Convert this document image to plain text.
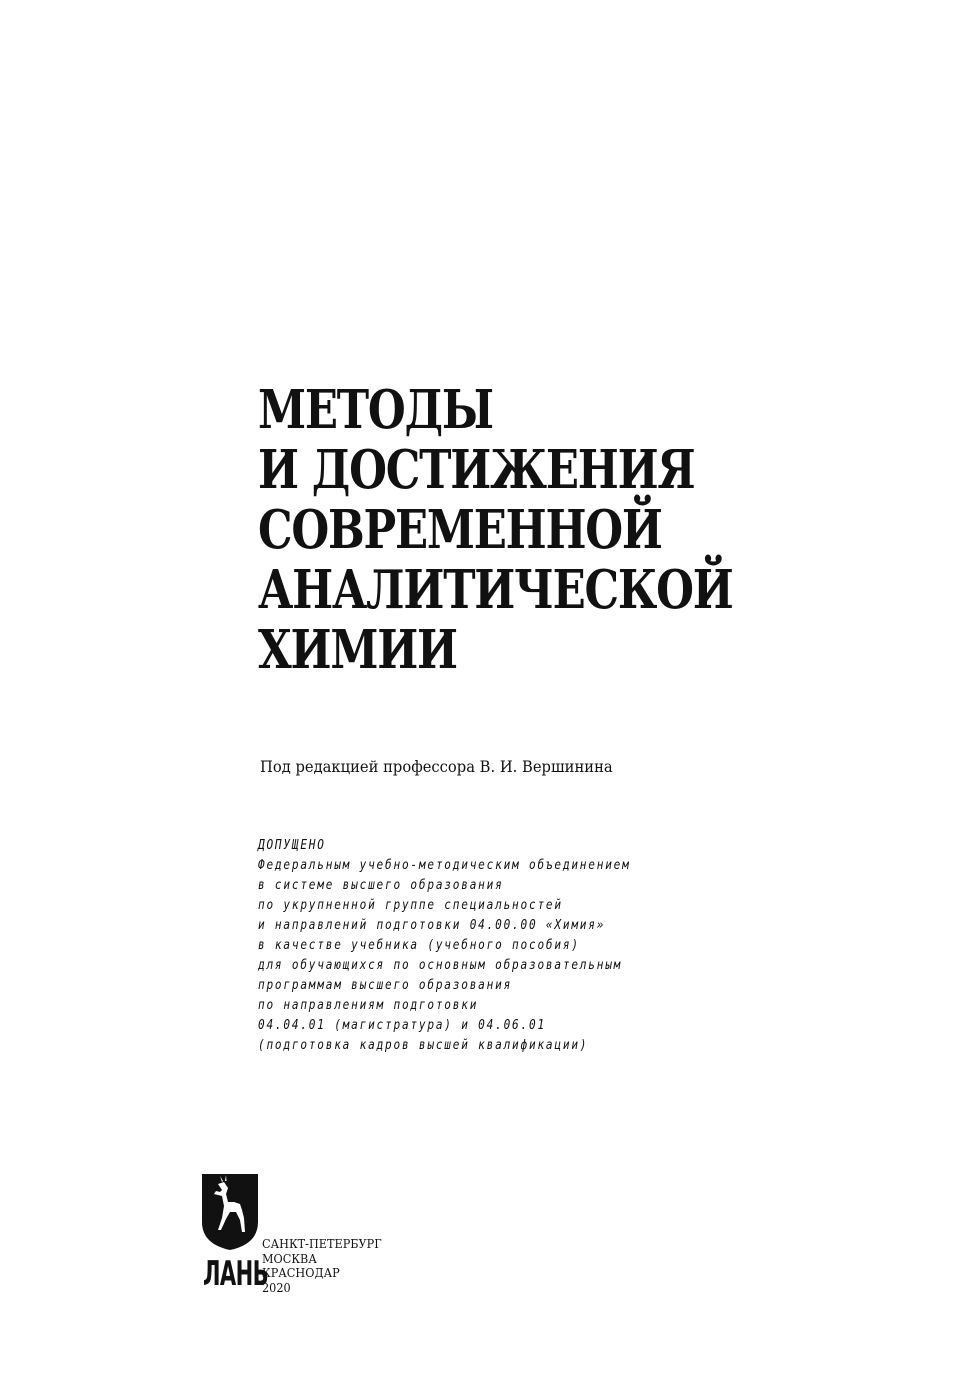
МЕТОДЫ
И ДОСТИЖЕНИЯ
СОВРЕМЕННОЙ
АНАЛИТИЧЕСКОЙ
ХИМИИ
Под редакцией профессора В. И. Вершинина
ДОПУЩЕНО
Федеральным учебно-методическим объединением
в системе высшего образования
по укрупненной группе специальностей
и направлений подготовки 04.00.00 «Химия»
в качестве учебника (учебного пособия)
для обучающихся по основным образовательным
программам высшего образования
по направлениям подготовки
04.04.01 (магистратура) и 04.06.01
(подготовка кадров высшей квалификации)
ЛАНЬ
САНКТ-ПЕТЕРБУРГ
МОСКВА
КРАСНОДАР
2020
